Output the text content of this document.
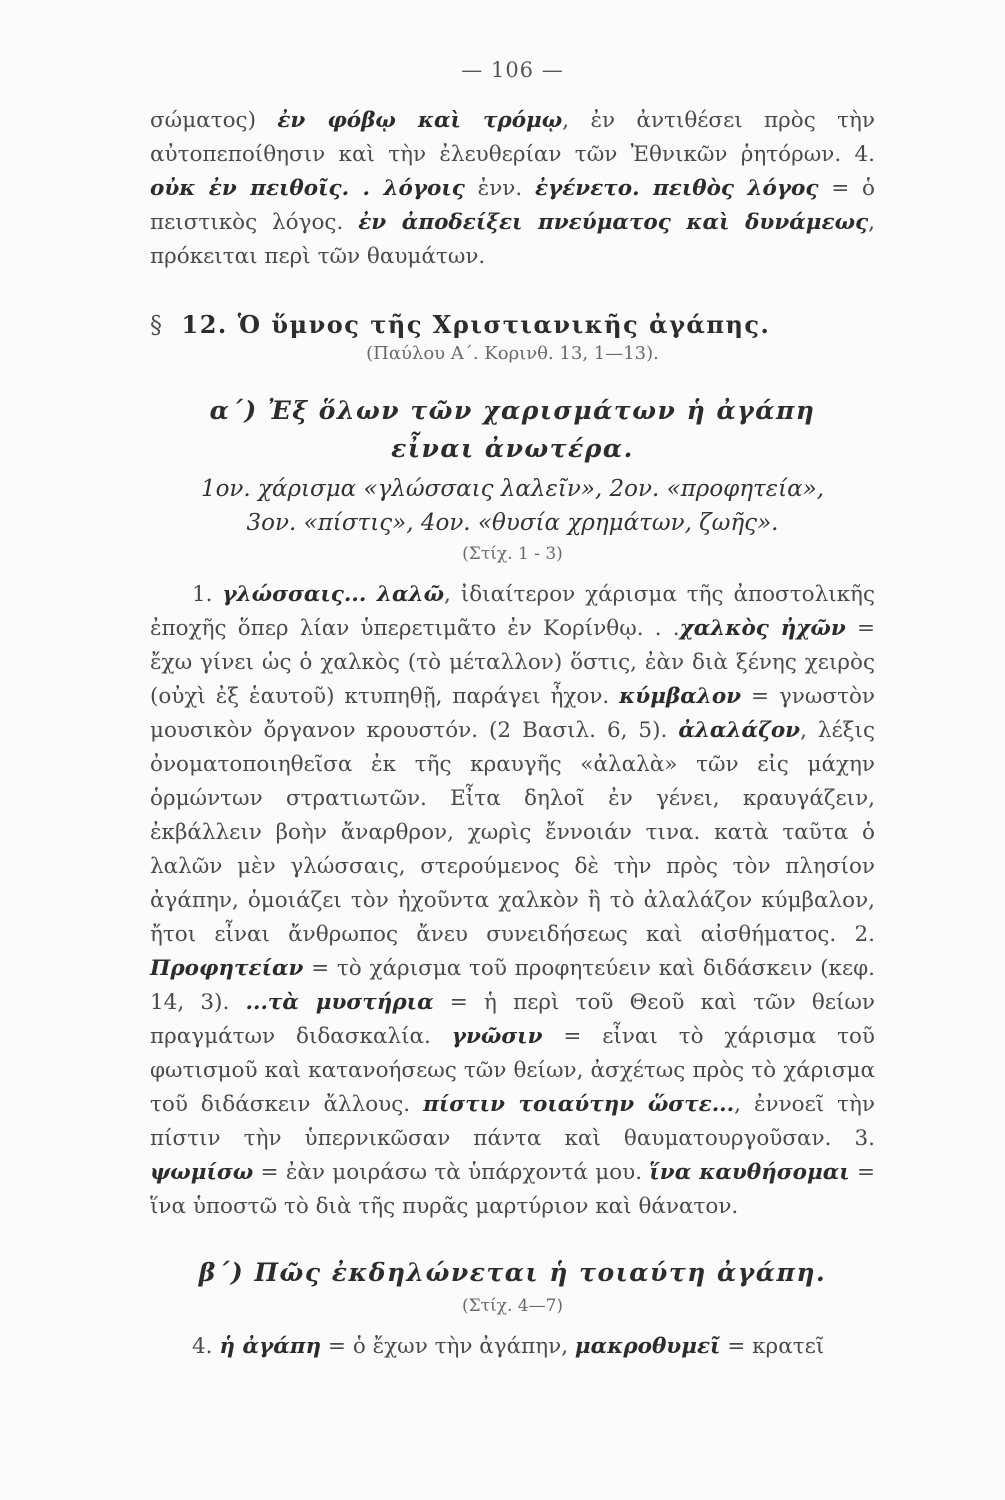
— 106 —

σώματος) ἐν φόβῳ καὶ τρόμῳ, ἐν ἀντιθέσει πρὸς τὴν αὐτοπεποίθησιν καὶ τὴν ἐλευθερίαν τῶν Ἐθνικῶν ῥητόρων. 4. οὐκ ἐν πειθοῖς. . λόγοις ἐνν. ἐγένετο. πειθὸς λόγος = ὁ πειστικὸς λόγος. ἐν ἀποδείξει πνεύματος καὶ δυνάμεως, πρόκειται περὶ τῶν θαυμάτων.

§ 12. Ὁ ὕμνος τῆς Χριστιανικῆς ἀγάπης.
(Παύλου Α΄. Κορινθ. 13, 1—13).
α΄) Ἐξ ὅλων τῶν χαρισμάτων ἡ ἀγάπη
εἶναι ἀνωτέρα.

1ον. χάρισμα «γλώσσαις λαλεῖν», 2ον. «προφητεία»,

3ον. «πίστις», 4ον. «θυσία χρημάτων, ζωῆς».

(Στίχ. 1 - 3)

1. γλώσσαις... λαλῶ, ἰδιαίτερον χάρισμα τῆς ἀποστολικῆς ἐποχῆς ὅπερ λίαν ὑπερετιμᾶτο ἐν Κορίνθῳ. . .χαλκὸς ἠχῶν = ἔχω γίνει ὡς ὁ χαλκὸς (τὸ μέταλλον) ὅστις, ἐὰν διὰ ξένης χειρὸς (οὐχὶ ἐξ ἑαυτοῦ) κτυπηθῇ, παράγει ἦχον. κύμβαλον = γνωστὸν μουσικὸν ὄργανον κρουστόν. (2 Βασιλ. 6, 5). ἀλαλάζον, λέξις ὀνοματοποιηθεῖσα ἐκ τῆς κραυγῆς «ἀλαλὰ» τῶν εἰς μάχην ὁρμώντων στρατιωτῶν. Εἶτα δηλοῖ ἐν γένει, κραυγάζειν, ἐκβάλλειν βοὴν ἄναρθρον, χωρὶς ἔννοιάν τινα. κατὰ ταῦτα ὁ λαλῶν μὲν γλώσσαις, στερούμενος δὲ τὴν πρὸς τὸν πλησίον ἀγάπην, ὁμοιάζει τὸν ἠχοῦντα χαλκὸν ἢ τὸ ἀλαλάζον κύμβαλον, ἤτοι εἶναι ἄνθρωπος ἄνευ συνειδήσεως καὶ αἰσθήματος. 2. Προφητείαν = τὸ χάρισμα τοῦ προφητεύειν καὶ διδάσκειν (κεφ. 14, 3). ...τὰ μυστήρια = ἡ περὶ τοῦ Θεοῦ καὶ τῶν θείων πραγμάτων διδασκαλία. γνῶσιν = εἶναι τὸ χάρισμα τοῦ φωτισμοῦ καὶ κατανοήσεως τῶν θείων, ἀσχέτως πρὸς τὸ χάρισμα τοῦ διδάσκειν ἄλλους. πίστιν τοιαύτην ὥστε..., ἐννοεῖ τὴν πίστιν τὴν ὑπερνικῶσαν πάντα καὶ θαυματουργοῦσαν. 3. ψωμίσω = ἐὰν μοιράσω τὰ ὑπάρχοντά μου. ἵνα καυθήσομαι = ἵνα ὑποστῶ τὸ διὰ τῆς πυρᾶς μαρτύριον καὶ θάνατον.

β΄) Πῶς ἐκδηλώνεται ἡ τοιαύτη ἀγάπη.
(Στίχ. 4—7)

4. ἡ ἀγάπη = ὁ ἔχων τὴν ἀγάπην, μακροθυμεῖ = κρατεῖ
